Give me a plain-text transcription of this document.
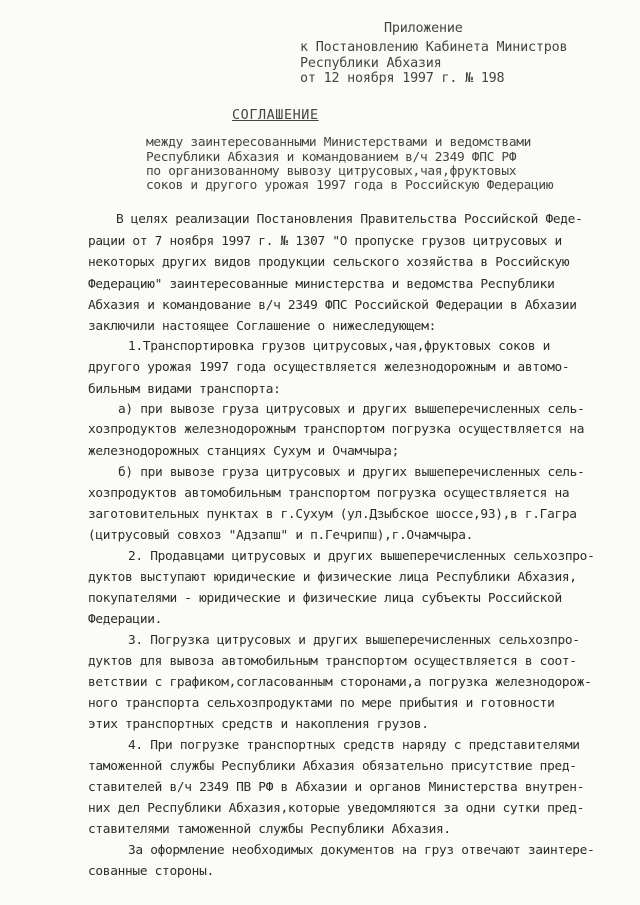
Приложение
к Постановлению Кабинета Министров
Республики Абхазия
от 12 ноября 1997 г. № 198
СОГЛАШЕНИЕ
между заинтересованными Министерствами и ведомствами
Республики Абхазия и командованием в/ч 2349 ФПС РФ
по организованному вывозу цитрусовых,чая,фруктовых
соков и другого урожая 1997 года в Российскую Федерацию
В целях реализации Постановления Правительства Российской Феде-
рации от 7 ноября 1997 г. № 1307 "О пропуске грузов цитрусовых и
некоторых других видов продукции сельского хозяйства в Российскую
Федерацию" заинтересованные министерства и ведомства Республики
Абхазия и командование в/ч 2349 ФПС Российской Федерации в Абхазии
заключили настоящее Соглашение о нижеследующем:
1.Транспортировка грузов цитрусовых,чая,фруктовых соков и
другого урожая 1997 года осуществляется железнодорожным и автомо-
бильным видами транспорта:
а) при вывозе груза цитрусовых и других вышеперечисленных сель-
хозпродуктов железнодорожным транспортом погрузка осуществляется на
железнодорожных станциях Сухум и Очамчыра;
б) при вывозе груза цитрусовых и других вышеперечисленных сель-
хозпродуктов автомобильным транспортом погрузка осуществляется на
заготовительных пунктах в г.Сухум (ул.Дзыбское шоссе,93),в г.Гагра
(цитрусовый совхоз "Адзапш" и п.Гечрипш),г.Очамчыра.
2. Продавцами цитрусовых и других вышеперечисленных сельхозпро-
дуктов выступают юридические и физические лица Республики Абхазия,
покупателями - юридические и физические лица субъекты Российской
Федерации.
3. Погрузка цитрусовых и других вышеперечисленных сельхозпро-
дуктов для вывоза автомобильным транспортом осуществляется в соот-
ветствии с графиком,согласованным сторонами,а погрузка железнодорож-
ного транспорта сельхозпродуктами по мере прибытия и готовности
этих транспортных средств и накопления грузов.
4. При погрузке транспортных средств наряду с представителями
таможенной службы Республики Абхазия обязательно присутствие пред-
ставителей в/ч 2349 ПВ РФ в Абхазии и органов Министерства внутрен-
них дел Республики Абхазия,которые уведомляются за одни сутки пред-
ставителями таможенной службы Республики Абхазия.
За оформление необходимых документов на груз отвечают заинтере-
сованные стороны.
